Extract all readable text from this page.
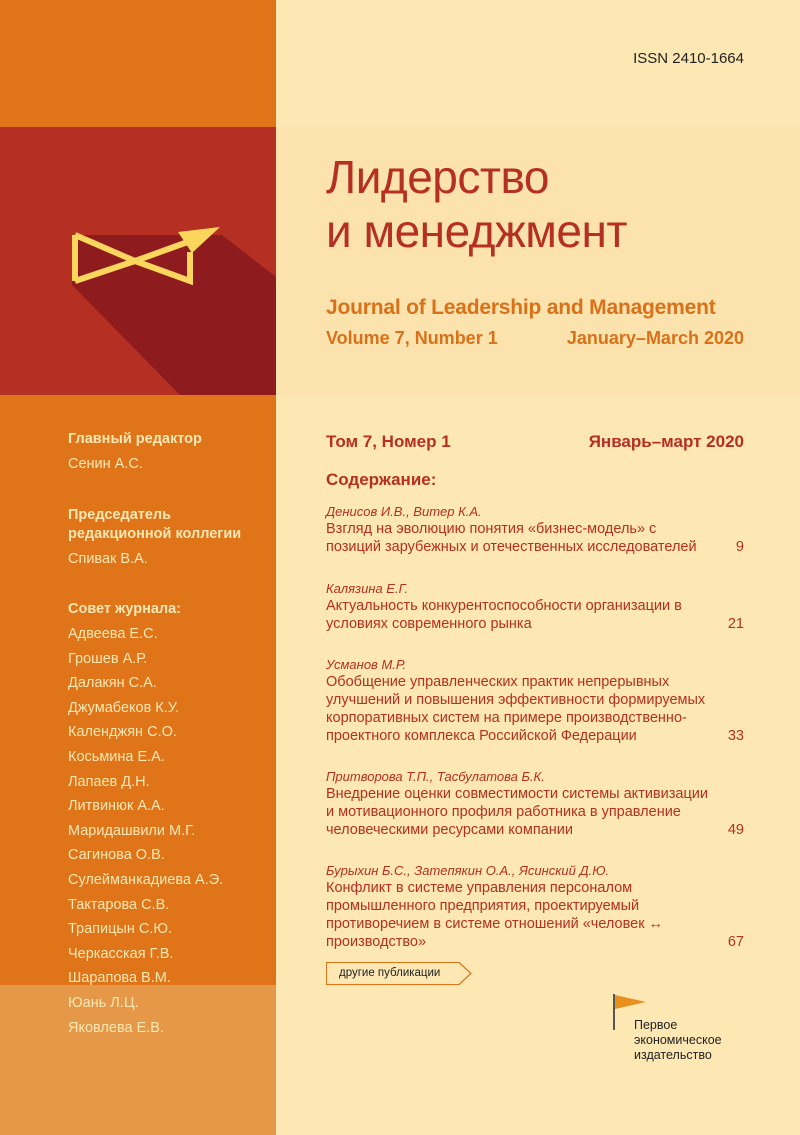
ISSN 2410-1664
Лидерство
и менеджмент
Journal of Leadership and Management
Volume 7, Number 1	January–March 2020
Том 7, Номер 1	Январь–март 2020
Содержание:
Денисов И.В., Витер К.А.
Взгляд на эволюцию понятия «бизнес-модель» с позиций зарубежных и отечественных исследователей	9
Калязина Е.Г.
Актуальность конкурентоспособности организации в условиях современного рынка	21
Усманов М.Р.
Обобщение управленческих практик непрерывных улучшений и повышения эффективности формируемых корпоративных систем на примере производственно-проектного комплекса Российской Федерации	33
Притворова Т.П., Тасбулатова Б.К.
Внедрение оценки совместимости системы активизации и мотивационного профиля работника в управление человеческими ресурсами компании	49
Бурыхин Б.С., Затепякин О.А., Ясинский Д.Ю.
Конфликт в системе управления персоналом промышленного предприятия, проектируемый противоречием в системе отношений «человек ↔ производство»	67
другие публикации
Первое
экономическое
издательство
Главный редактор
Сенин А.С.
Председатель
редакционной коллегии
Спивак В.А.
Совет журнала:
Адвеева Е.С.
Грошев А.Р.
Далакян С.А.
Джумабеков К.У.
Календжян С.О.
Косьмина Е.А.
Лапаев Д.Н.
Литвинюк А.А.
Маридашвили М.Г.
Сагинова О.В.
Сулейманкадиева А.Э.
Тактарова С.В.
Трапицын С.Ю.
Черкасская Г.В.
Шарапова В.М.
Юань Л.Ц.
Яковлева Е.В.
